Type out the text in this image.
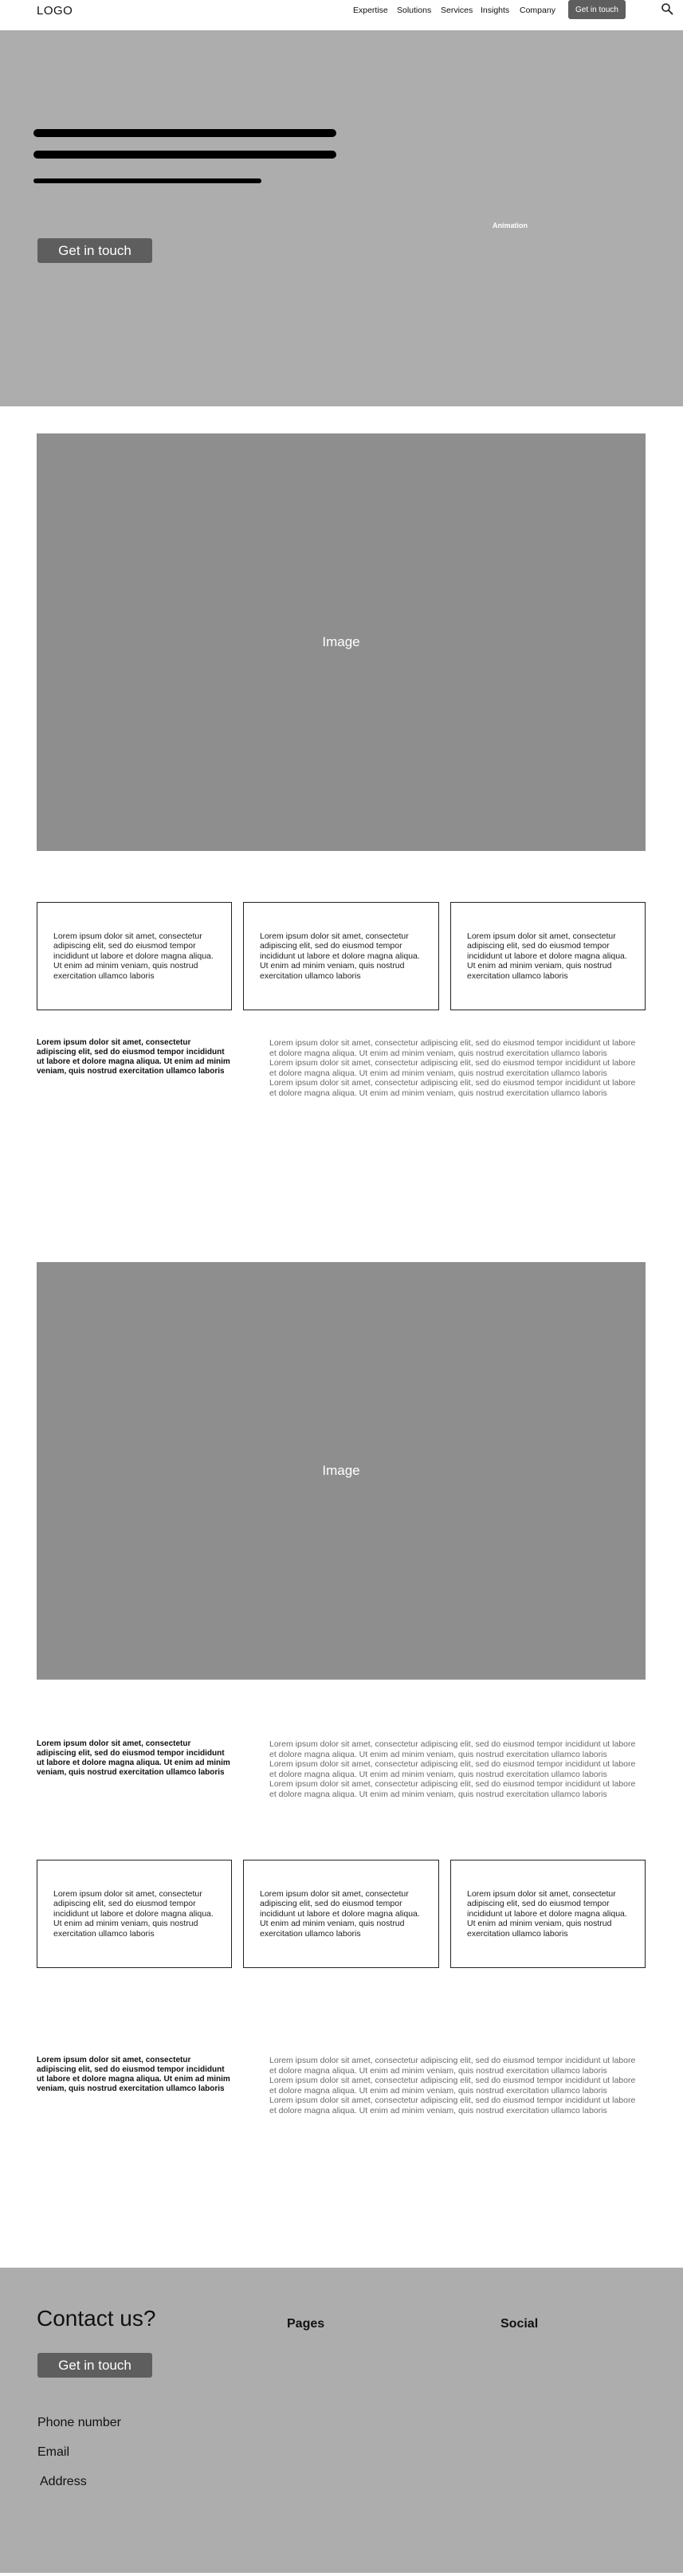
LOGO	Expertise Solutions Services Insights Company	Get in touch
Get in touch
Animation
Image
Lorem ipsum dolor sit amet, consectetur adipiscing elit, sed do eiusmod tempor incididunt ut labore et dolore magna aliqua. Ut enim ad minim veniam, quis nostrud exercitation ullamco laboris
Lorem ipsum dolor sit amet, consectetur adipiscing elit, sed do eiusmod tempor incididunt ut labore et dolore magna aliqua. Ut enim ad minim veniam, quis nostrud exercitation ullamco laboris
Lorem ipsum dolor sit amet, consectetur adipiscing elit, sed do eiusmod tempor incididunt ut labore et dolore magna aliqua. Ut enim ad minim veniam, quis nostrud exercitation ullamco laboris
Lorem ipsum dolor sit amet, consectetur adipiscing elit, sed do eiusmod tempor incididunt ut labore et dolore magna aliqua. Ut enim ad minim veniam, quis nostrud exercitation ullamco laboris

Lorem ipsum dolor sit amet, consectetur adipiscing elit, sed do eiusmod tempor incididunt ut labore et dolore magna aliqua. Ut enim ad minim veniam, quis nostrud exercitation ullamco laboris

Lorem ipsum dolor sit amet, consectetur adipiscing elit, sed do eiusmod tempor incididunt ut labore et dolore magna aliqua. Ut enim ad minim veniam, quis nostrud exercitation ullamco laboris

Lorem ipsum dolor sit amet, consectetur adipiscing elit, sed do eiusmod tempor incididunt ut labore et dolore magna aliqua. Ut enim ad minim veniam, quis nostrud exercitation ullamco laboris

Image
Lorem ipsum dolor sit amet, consectetur adipiscing elit, sed do eiusmod tempor incididunt ut labore et dolore magna aliqua. Ut enim ad minim veniam, quis nostrud exercitation ullamco laboris

Lorem ipsum dolor sit amet, consectetur adipiscing elit, sed do eiusmod tempor incididunt ut labore et dolore magna aliqua. Ut enim ad minim veniam, quis nostrud exercitation ullamco laboris

Lorem ipsum dolor sit amet, consectetur adipiscing elit, sed do eiusmod tempor incididunt ut labore et dolore magna aliqua. Ut enim ad minim veniam, quis nostrud exercitation ullamco laboris

Lorem ipsum dolor sit amet, consectetur adipiscing elit, sed do eiusmod tempor incididunt ut labore et dolore magna aliqua. Ut enim ad minim veniam, quis nostrud exercitation ullamco laboris

Lorem ipsum dolor sit amet, consectetur adipiscing elit, sed do eiusmod tempor incididunt ut labore et dolore magna aliqua. Ut enim ad minim veniam, quis nostrud exercitation ullamco laboris
Lorem ipsum dolor sit amet, consectetur adipiscing elit, sed do eiusmod tempor incididunt ut labore et dolore magna aliqua. Ut enim ad minim veniam, quis nostrud exercitation ullamco laboris
Lorem ipsum dolor sit amet, consectetur adipiscing elit, sed do eiusmod tempor incididunt ut labore et dolore magna aliqua. Ut enim ad minim veniam, quis nostrud exercitation ullamco laboris
Lorem ipsum dolor sit amet, consectetur adipiscing elit, sed do eiusmod tempor incididunt ut labore et dolore magna aliqua. Ut enim ad minim veniam, quis nostrud exercitation ullamco laboris

Lorem ipsum dolor sit amet, consectetur adipiscing elit, sed do eiusmod tempor incididunt ut labore et dolore magna aliqua. Ut enim ad minim veniam, quis nostrud exercitation ullamco laboris

Lorem ipsum dolor sit amet, consectetur adipiscing elit, sed do eiusmod tempor incididunt ut labore et dolore magna aliqua. Ut enim ad minim veniam, quis nostrud exercitation ullamco laboris

Lorem ipsum dolor sit amet, consectetur adipiscing elit, sed do eiusmod tempor incididunt ut labore et dolore magna aliqua. Ut enim ad minim veniam, quis nostrud exercitation ullamco laboris

Contact us?
Get in touch
Pages	Social
Phone number
Email
Address
